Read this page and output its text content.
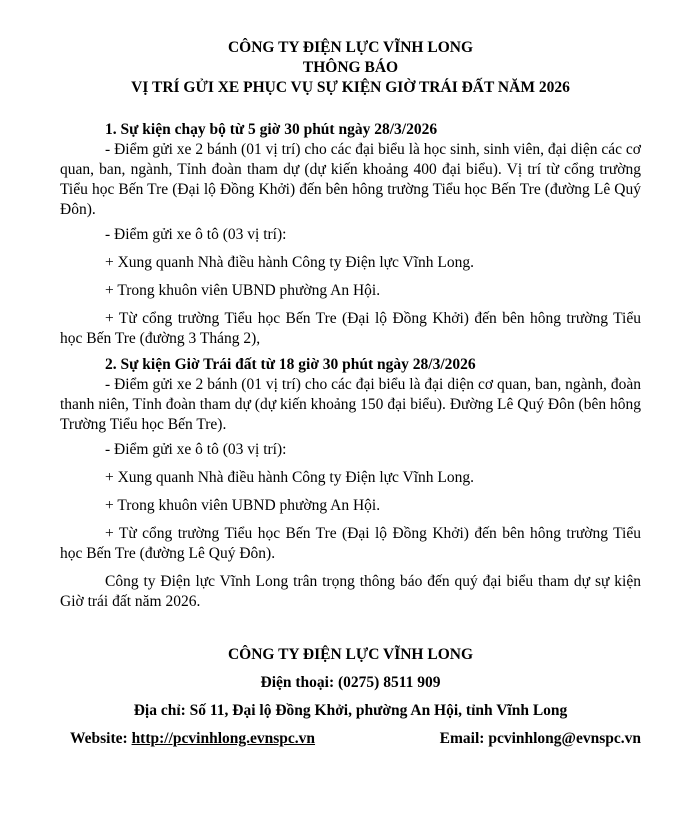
CÔNG TY ĐIỆN LỰC VĨNH LONG
THÔNG BÁO
VỊ TRÍ GỬI XE PHỤC VỤ SỰ KIỆN GIỜ TRÁI ĐẤT NĂM 2026
1. Sự kiện chạy bộ từ 5 giờ 30 phút ngày 28/3/2026

- Điểm gửi xe 2 bánh (01 vị trí) cho các đại biểu là học sinh, sinh viên, đại diện các cơ quan, ban, ngành, Tỉnh đoàn tham dự (dự kiến khoảng 400 đại biểu). Vị trí từ cổng trường Tiểu học Bến Tre (Đại lộ Đồng Khởi) đến bên hông trường Tiểu học Bến Tre (đường Lê Quý Đôn).

- Điểm gửi xe ô tô (03 vị trí):

+ Xung quanh Nhà điều hành Công ty Điện lực Vĩnh Long.

+ Trong khuôn viên UBND phường An Hội.

+ Từ cổng trường Tiểu học Bến Tre (Đại lộ Đồng Khởi) đến bên hông trường Tiểu học Bến Tre (đường 3 Tháng 2),

2. Sự kiện Giờ Trái đất từ 18 giờ 30 phút ngày 28/3/2026

- Điểm gửi xe 2 bánh (01 vị trí) cho các đại biểu là đại diện cơ quan, ban, ngành, đoàn thanh niên, Tỉnh đoàn tham dự (dự kiến khoảng 150 đại biểu). Đường Lê Quý Đôn (bên hông Trường Tiểu học Bến Tre).

- Điểm gửi xe ô tô (03 vị trí):

+ Xung quanh Nhà điều hành Công ty Điện lực Vĩnh Long.

+ Trong khuôn viên UBND phường An Hội.

+ Từ cổng trường Tiểu học Bến Tre (Đại lộ Đồng Khởi) đến bên hông trường Tiểu học Bến Tre (đường Lê Quý Đôn).

Công ty Điện lực Vĩnh Long trân trọng thông báo đến quý đại biểu tham dự sự kiện Giờ trái đất năm 2026.

CÔNG TY ĐIỆN LỰC VĨNH LONG
Điện thoại: (0275) 8511 909
Địa chỉ: Số 11, Đại lộ Đồng Khởi, phường An Hội, tỉnh Vĩnh Long
Website: http://pcvinhlong.evnspc.vn	Email: pcvinhlong@evnspc.vn
